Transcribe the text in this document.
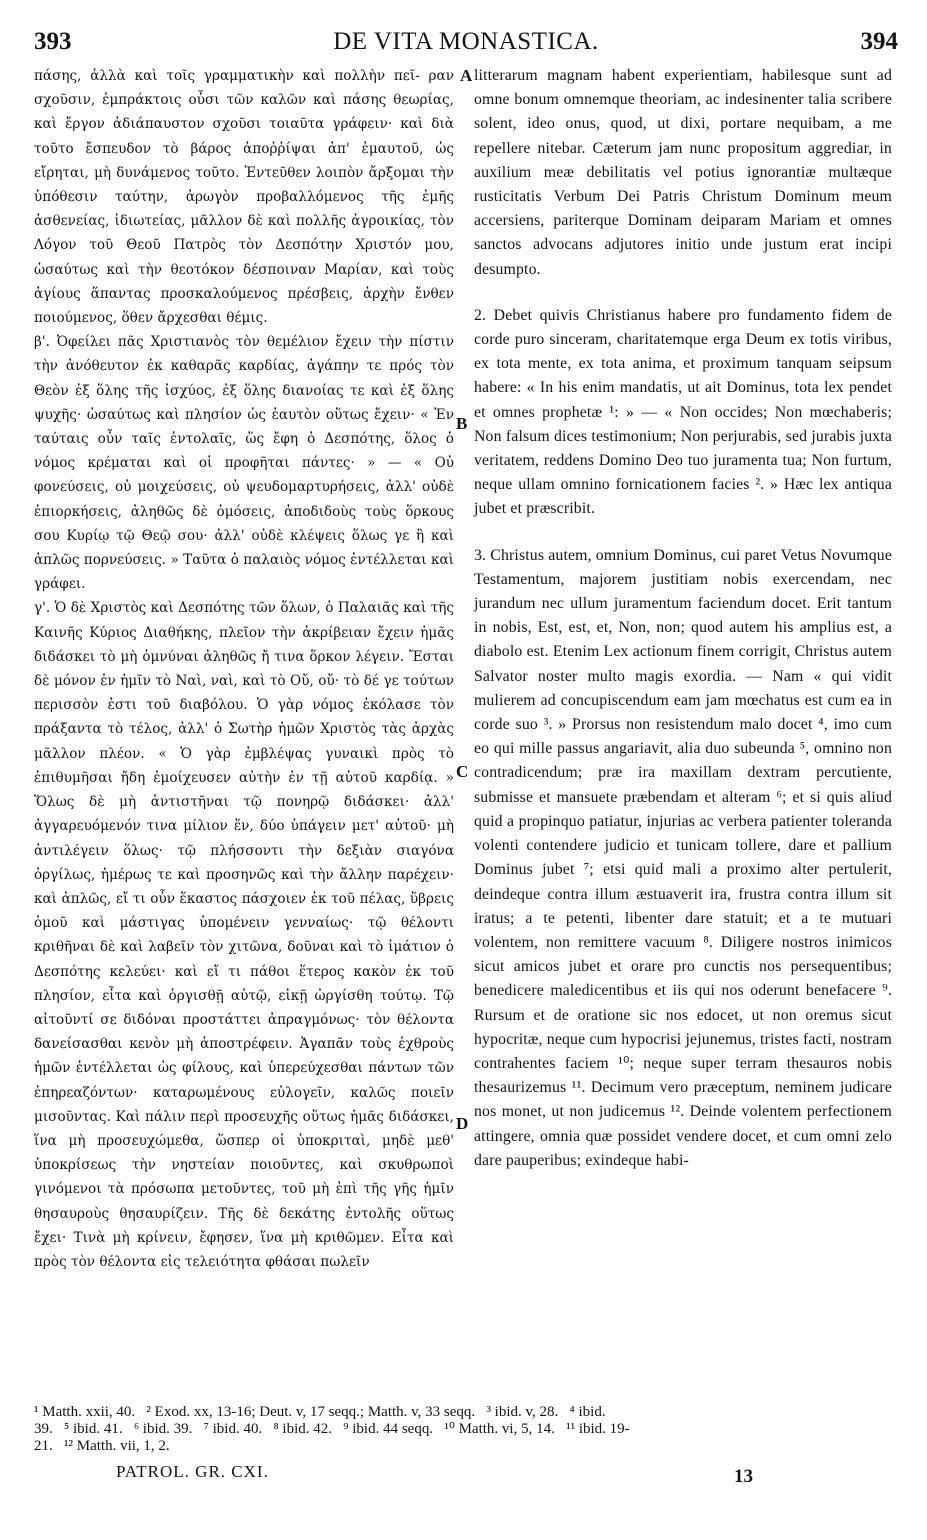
393	DE VITA MONASTICA.	394

πάσης, ἀλλὰ καὶ τοῖς γραμματικὴν καὶ πολλὴν πεῖ- ραν σχοῦσιν, ἐμπράκτοις οὖσι τῶν καλῶν καὶ πάσης θεωρίας, καὶ ἔργον ἀδιάπαυστον σχοῦσι τοιαῦτα γράφειν· καὶ διὰ τοῦτο ἔσπευδον τὸ βάρος ἀποῤῥίψαι ἀπ' ἐμαυτοῦ, ὡς εἴρηται, μὴ δυνάμενος τοῦτο. Ἐντεῦθεν λοιπὸν ἄρξομαι τὴν ὑπόθεσιν ταύτην, ἀρωγὸν προβαλλόμενος τῆς ἐμῆς ἀσθενείας, ἰδιωτείας, μᾶλλον δὲ καὶ πολλῆς ἀγροικίας, τὸν Λόγον τοῦ Θεοῦ Πατρὸς τὸν Δεσπότην Χριστόν μου, ὡσαύτως καὶ τὴν θεοτόκον δέσποιναν Μαρίαν, καὶ τοὺς ἁγίους ἅπαντας προσκαλούμενος πρέσβεις, ἀρχὴν ἔνθεν ποιούμενος, ὅθεν ἄρχεσθαι θέμις.

β'. Ὀφείλει πᾶς Χριστιανὸς τὸν θεμέλιον ἔχειν τὴν πίστιν τὴν ἀνόθευτον ἐκ καθαρᾶς καρδίας, ἀγάπην τε πρός τὸν Θεὸν ἐξ ὅλης τῆς ἰσχύος, ἐξ ὅλης διανοίας τε καὶ ἐξ ὅλης ψυχῆς· ὡσαύτως καὶ πλησίον ὡς ἑαυτὸν οὕτως ἔχειν· « Ἐν ταύταις οὖν ταῖς ἐντολαῖς, ὥς ἔφη ὁ Δεσπότης, ὅλος ὁ νόμος κρέμαται καὶ οἱ προφῆται πάντες· » — « Οὐ φονεύσεις, οὐ μοιχεύσεις, οὐ ψευδομαρτυρήσεις, ἀλλ' οὐδὲ ἐπιορκήσεις, ἀληθῶς δὲ ὀμόσεις, ἀποδιδοὺς τοὺς ὅρκους σου Κυρίῳ τῷ Θεῷ σου· ἀλλ' οὐδὲ κλέψεις ὅλως γε ἢ καὶ ἁπλῶς πορνεύσεις. » Ταῦτα ὁ παλαιὸς νόμος ἐντέλλεται καὶ γράφει.

γ'. Ὁ δὲ Χριστὸς καὶ Δεσπότης τῶν ὅλων, ὁ Παλαιᾶς καὶ τῆς Καινῆς Κύριος Διαθήκης, πλεῖον τὴν ἀκρίβειαν ἔχειν ἡμᾶς διδάσκει τὸ μὴ ὀμνύναι ἀληθῶς ἤ τινα ὅρκον λέγειν. Ἔσται δὲ μόνον ἐν ἡμῖν τὸ Ναὶ, ναὶ, καὶ τὸ Οὔ, οὔ· τὸ δέ γε τούτων περισσὸν ἐστι τοῦ διαβόλου. Ὁ γὰρ νόμος ἐκόλασε τὸν πράξαντα τὸ τέλος, ἀλλ' ὁ Σωτὴρ ἡμῶν Χριστὸς τὰς ἀρχὰς μᾶλλον πλέον. « Ὁ γὰρ ἐμβλέψας γυναικὶ πρὸς τὸ ἐπιθυμῆσαι ἤδη ἐμοίχευσεν αὐτὴν ἐν τῇ αὐτοῦ καρδίᾳ. » Ὅλως δὲ μὴ ἀντιστῆναι τῷ πονηρῷ διδάσκει· ἀλλ' ἀγγαρευόμενόν τινα μίλιον ἕν, δύο ὑπάγειν μετ' αὐτοῦ· μὴ ἀντιλέγειν ὅλως· τῷ πλήσσοντι τὴν δεξιὰν σιαγόνα ὀργίλως, ἡμέρως τε καὶ προσηνῶς καὶ τὴν ἄλλην παρέχειν· καὶ ἁπλῶς, εἴ τι οὖν ἕκαστος πάσχοιεν ἐκ τοῦ πέλας, ὕβρεις ὁμοῦ καὶ μάστιγας ὑπομένειν γενναίως· τῷ θέλοντι κριθῆναι δὲ καὶ λαβεῖν τὸν χιτῶνα, δοῦναι καὶ τὸ ἱμάτιον ὁ Δεσπότης κελεύει· καὶ εἴ τι πάθοι ἕτερος κακὸν ἐκ τοῦ πλησίον, εἶτα καὶ ὀργισθῇ αὐτῷ, εἰκῇ ὠργίσθη τούτῳ. Τῷ αἰτοῦντί σε διδόναι προστάττει ἀπραγμόνως· τὸν θέλοντα δανείσασθαι κενὸν μὴ ἀποστρέφειν. Ἀγαπᾶν τοὺς ἐχθροὺς ἡμῶν ἐντέλλεται ὡς φίλους, καὶ ὑπερεύχεσθαι πάντων τῶν ἐπηρεαζόντων· καταρωμένους εὐλογεῖν, καλῶς ποιεῖν μισοῦντας. Καὶ πάλιν περὶ προσευχῆς οὕτως ἡμᾶς διδάσκει, ἵνα μὴ προσευχώμεθα, ὥσπερ οἱ ὑποκριταὶ, μηδὲ μεθ' ὑποκρίσεως τὴν νηστείαν ποιοῦντες, καὶ σκυθρωποὶ γινόμενοι τὰ πρόσωπα μετοῦντες, τοῦ μὴ ἐπὶ τῆς γῆς ἡμῖν θησαυροὺς θησαυρίζειν. Τῆς δὲ δεκάτης ἐντολῆς οὕτως ἔχει· Τινὰ μὴ κρίνειν, ἔφησεν, ἵνα μὴ κριθῶμεν. Εἶτα καὶ πρὸς τὸν θέλοντα εἰς τελειότητα φθάσαι πωλεῖν

A
B
C
D

litterarum magnam habent experientiam, habilesque sunt ad omne bonum omnemque theoriam, ac indesinenter talia scribere solent, ideo onus, quod, ut dixi, portare nequibam, a me repellere nitebar. Cæterum jam nunc propositum aggrediar, in auxilium meæ debilitatis vel potius ignorantiæ multæque rusticitatis Verbum Dei Patris Christum Dominum meum accersiens, pariterque Dominam deiparam Mariam et omnes sanctos advocans adjutores initio unde justum erat incipi desumpto.

2. Debet quivis Christianus habere pro fundamento fidem de corde puro sinceram, charitatemque erga Deum ex totis viribus, ex tota mente, ex tota anima, et proximum tanquam seipsum habere: « In his enim mandatis, ut ait Dominus, tota lex pendet et omnes prophetæ ¹: » — « Non occides; Non mœchaberis; Non falsum dices testimonium; Non perjurabis, sed jurabis juxta veritatem, reddens Domino Deo tuo juramenta tua; Non furtum, neque ullam omnino fornicationem facies ². » Hæc lex antiqua jubet et præscribit.

3. Christus autem, omnium Dominus, cui paret Vetus Novumque Testamentum, majorem justitiam nobis exercendam, nec jurandum nec ullum juramentum faciendum docet. Erit tantum in nobis, Est, est, et, Non, non; quod autem his amplius est, a diabolo est. Etenim Lex actionum finem corrigit, Christus autem Salvator noster multo magis exordia. — Nam « qui vidit mulierem ad concupiscendum eam jam mœchatus est cum ea in corde suo ³. » Prorsus non resistendum malo docet ⁴, imo cum eo qui mille passus angariavit, alia duo subeunda ⁵, omnino non contradicendum; præ ira maxillam dextram percutiente, submisse et mansuete præbendam et alteram ⁶; et si quis aliud quid a propinquo patiatur, injurias ac verbera patienter toleranda volenti contendere judicio et tunicam tollere, dare et pallium Dominus jubet ⁷; etsi quid mali a proximo alter pertulerit, deindeque contra illum æstuaverit ira, frustra contra illum sit iratus; a te petenti, libenter dare statuit; et a te mutuari volentem, non remittere vacuum ⁸. Diligere nostros inimicos sicut amicos jubet et orare pro cunctis nos persequentibus; benedicere maledicentibus et iis qui nos oderunt benefacere ⁹. Rursum et de oratione sic nos edocet, ut non oremus sicut hypocritæ, neque cum hypocrisi jejunemus, tristes facti, nostram contrahentes faciem ¹⁰; neque super terram thesauros nobis thesaurizemus ¹¹. Decimum vero præceptum, neminem judicare nos monet, ut non judicemus ¹². Deinde volentem perfectionem attingere, omnia quæ possidet vendere docet, et cum omni zelo dare pauperibus; exindeque habi-

¹ Matth. xxii, 40.   ² Exod. xx, 13-16; Deut. v, 17 seqq.; Matth. v, 33 seqq.   ³ ibid. v, 28.   ⁴ ibid.
39.   ⁵ ibid. 41.   ⁶ ibid. 39.   ⁷ ibid. 40.   ⁸ ibid. 42.   ⁹ ibid. 44 seqq.   ¹⁰ Matth. vi, 5, 14.   ¹¹ ibid. 19-
21.   ¹² Matth. vii, 1, 2.
PATROL. GR. CXI.	13
